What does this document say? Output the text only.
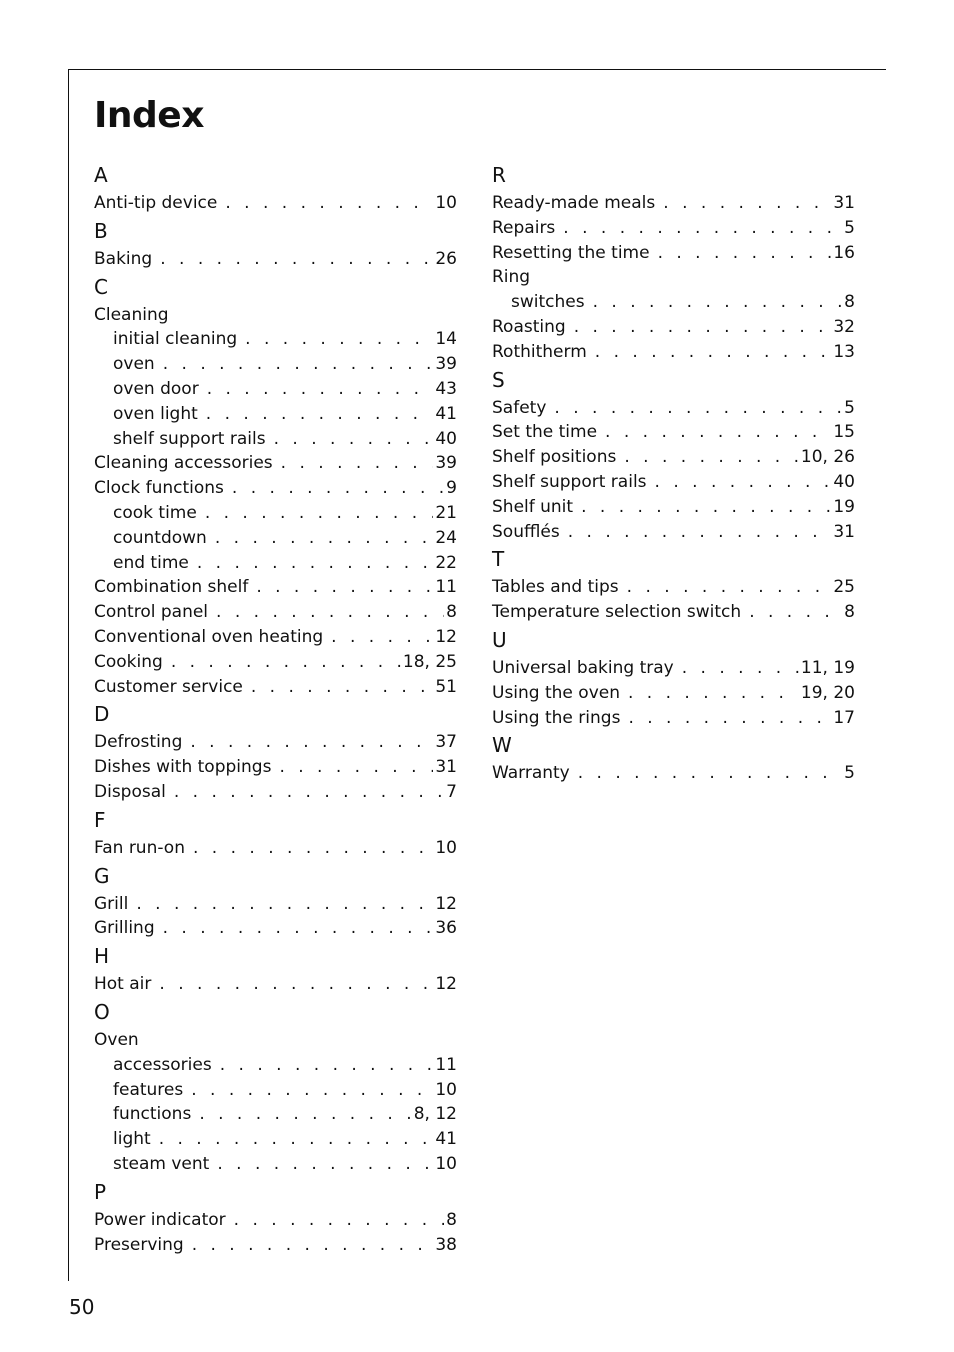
Index
A
Anti-tip device . . .	10
B
Baking . . .	26
C
Cleaning
initial cleaning . . .	14
oven . . .	39
oven door . . .	43
oven light . . .	41
shelf support rails . . .	40
Cleaning accessories . . .	39
Clock functions . . .	9
cook time . . .	21
countdown . . .	24
end time . . .	22
Combination shelf . . .	11
Control panel . . .	8
Conventional oven heating . . .	12
Cooking . . .	18, 25
Customer service . . .	51
D
Defrosting . . .	37
Dishes with toppings . . .	31
Disposal . . .	7
F
Fan run-on . . .	10
G
Grill . . .	12
Grilling . . .	36
H
Hot air . . .	12
O
Oven
accessories . . .	11
features . . .	10
functions . . .	8, 12
light . . .	41
steam vent . . .	10
P
Power indicator . . .	8
Preserving . . .	38
R
Ready-made meals . . .	31
Repairs . . .	5
Resetting the time . . .	16
Ring
switches . . .	8
Roasting . . .	32
Rothitherm . . .	13
S
Safety . . .	5
Set the time . . .	15
Shelf positions . . .	10, 26
Shelf support rails . . .	40
Shelf unit . . .	19
Soufflés . . .	31
T
Tables and tips . . .	25
Temperature selection switch . . .	8
U
Universal baking tray . . .	11, 19
Using the oven . . .	19, 20
Using the rings . . .	17
W
Warranty . . .	5
50
